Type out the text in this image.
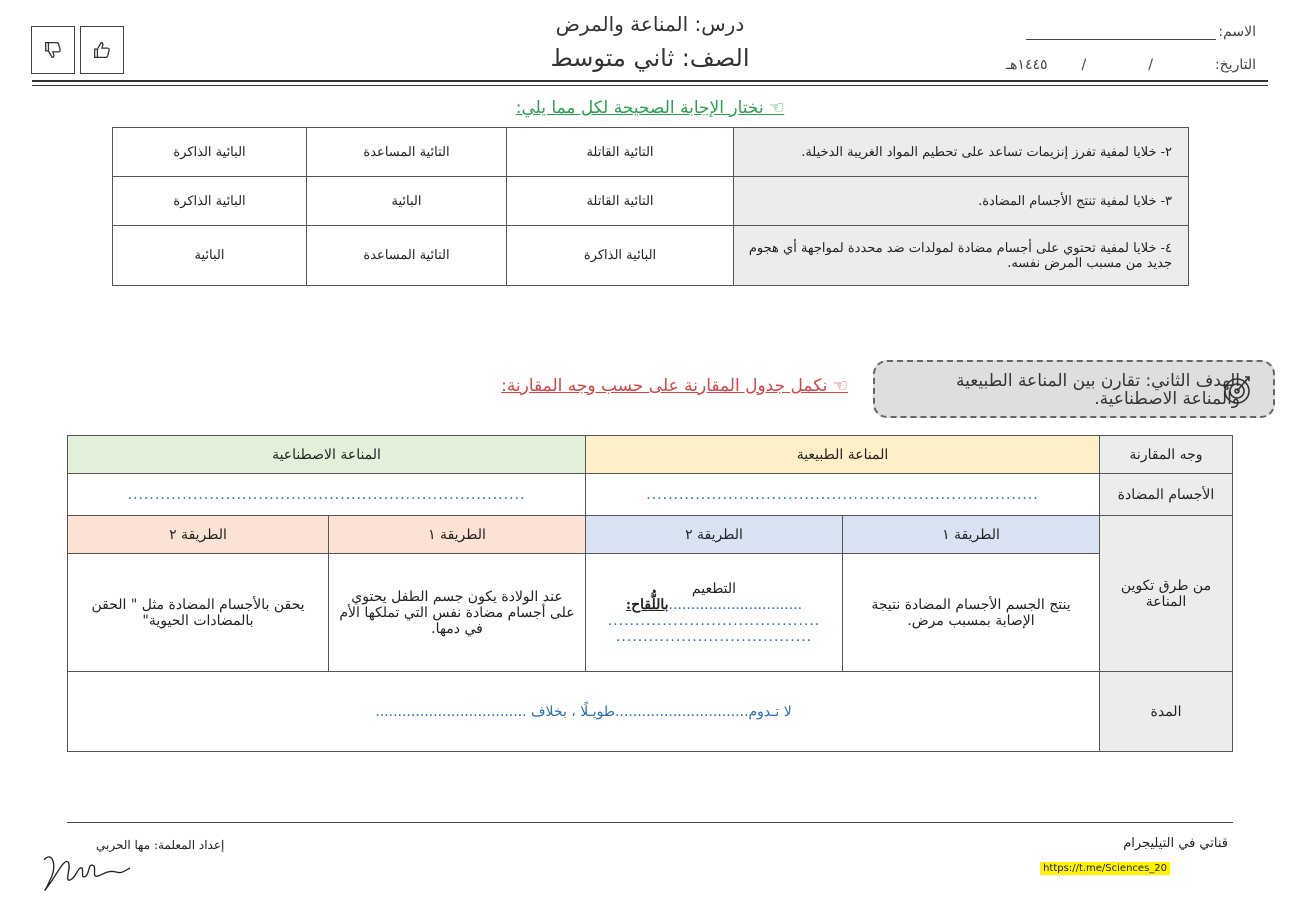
الاسم:
التاريخ:
/
/
١٤٤٥هـ
درس: المناعة والمرض
الصف: ثاني متوسط
☜ نختار الإجابة الصحيحة لكل مما يلي:
٢- خلايا لمفية تفرز إنزيمات تساعد على تحطيم المواد الغريبة الدخيلة.	التائية القاتلة	التائية المساعدة	البائية الذاكرة
٣- خلايا لمفية تنتج الأجسام المضادة.	التائية القاتلة	البائية	البائية الذاكرة
٤- خلايا لمفية تحتوي على أجسام مضادة لمولدات ضد محددة لمواجهة أي هجوم جديد من مسبب المرض نفسه.	البائية الذاكرة	التائية المساعدة	البائية
الهدف الثاني: تقارن بين المناعة الطبيعية والمناعة الاصطناعية.
☜ نكمل جدول المقارنة على حسب وجه المقارنة:
وجه المقارنة	المناعة الطبيعية		المناعة الاصطناعية	
الأجسام المضادة	........................................................................		.........................................................................	
من طرق تكوين المناعة	الطريقة ١	الطريقة ٢	الطريقة ١	الطريقة ٢
	ينتج الجسم الأجسام المضادة نتيجة الإصابة بمسبب مرض.	التطعيم
..............................باللُّقاح:
.......................................
....................................	عند الولادة يكون جسم الطفل يحتوي على أجسام مضادة نفس التي تملكها الأم في دمها.	يحقن بالأجسام المضادة مثل " الحقن بالمضادات الحيوية"
المدة	لا تـدوم..............................طويـلًا ، بخلاف ..................................			
قناتي في التيليجرام
https://t.me/Sciences_20
إعداد المعلمة: مها الحربي
